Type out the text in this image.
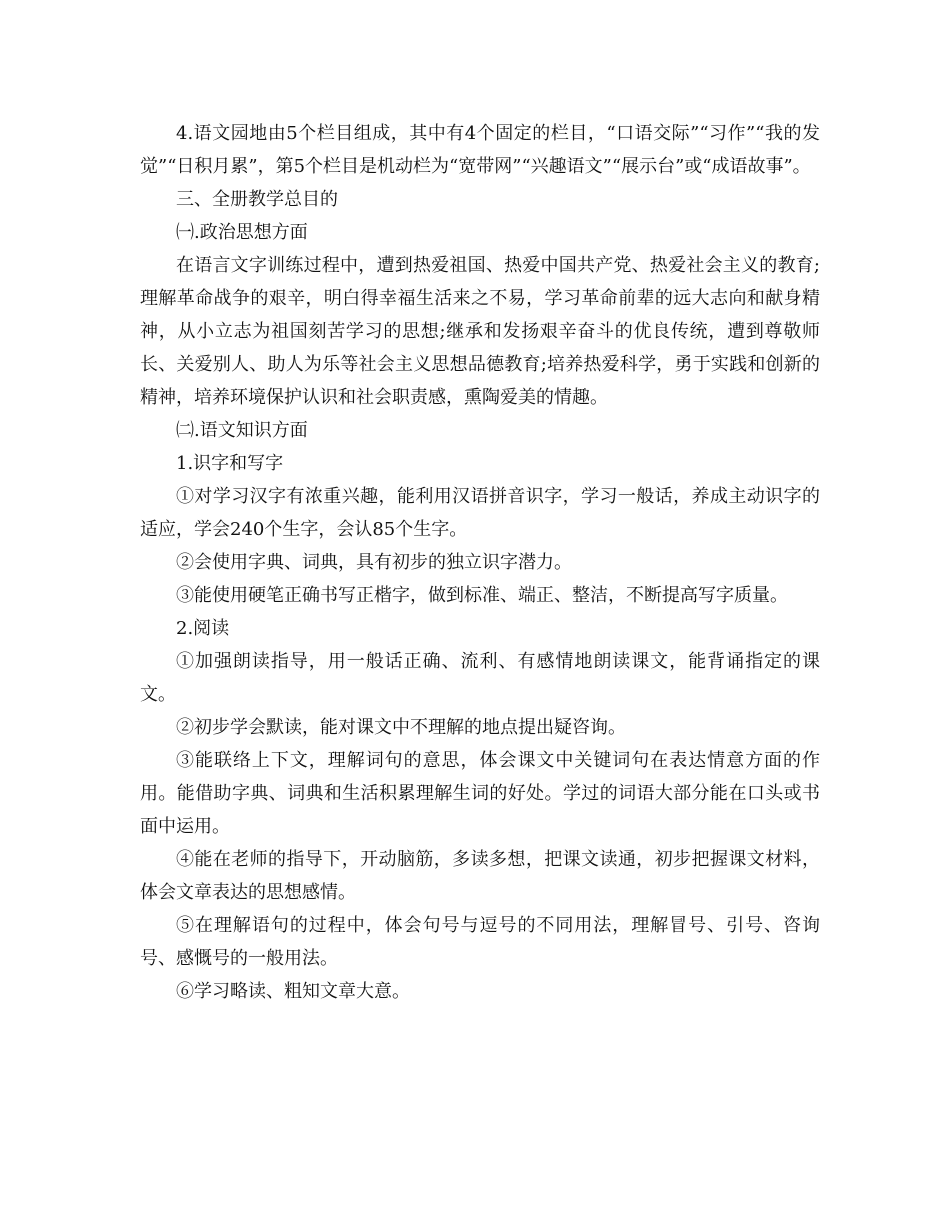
4.语文园地由5个栏目组成，其中有4个固定的栏目，“口语交际”“习作”“我的发觉”“日积月累”，第5个栏目是机动栏为“宽带网”“兴趣语文”“展示台”或“成语故事”。

三、全册教学总目的

㈠.政治思想方面

在语言文字训练过程中，遭到热爱祖国、热爱中国共产党、热爱社会主义的教育;理解革命战争的艰辛，明白得幸福生活来之不易，学习革命前辈的远大志向和献身精神，从小立志为祖国刻苦学习的思想;继承和发扬艰辛奋斗的优良传统，遭到尊敬师长、关爱别人、助人为乐等社会主义思想品德教育;培养热爱科学，勇于实践和创新的精神，培养环境保护认识和社会职责感，熏陶爱美的情趣。

㈡.语文知识方面

1.识字和写字

①对学习汉字有浓重兴趣，能利用汉语拼音识字，学习一般话，养成主动识字的适应，学会240个生字，会认85个生字。

②会使用字典、词典，具有初步的独立识字潜力。

③能使用硬笔正确书写正楷字，做到标准、端正、整洁，不断提高写字质量。

2.阅读

①加强朗读指导，用一般话正确、流利、有感情地朗读课文，能背诵指定的课文。

②初步学会默读，能对课文中不理解的地点提出疑咨询。

③能联络上下文，理解词句的意思，体会课文中关键词句在表达情意方面的作用。能借助字典、词典和生活积累理解生词的好处。学过的词语大部分能在口头或书面中运用。

④能在老师的指导下，开动脑筋，多读多想，把课文读通，初步把握课文材料，体会文章表达的思想感情。

⑤在理解语句的过程中，体会句号与逗号的不同用法，理解冒号、引号、咨询号、感慨号的一般用法。

⑥学习略读、粗知文章大意。
